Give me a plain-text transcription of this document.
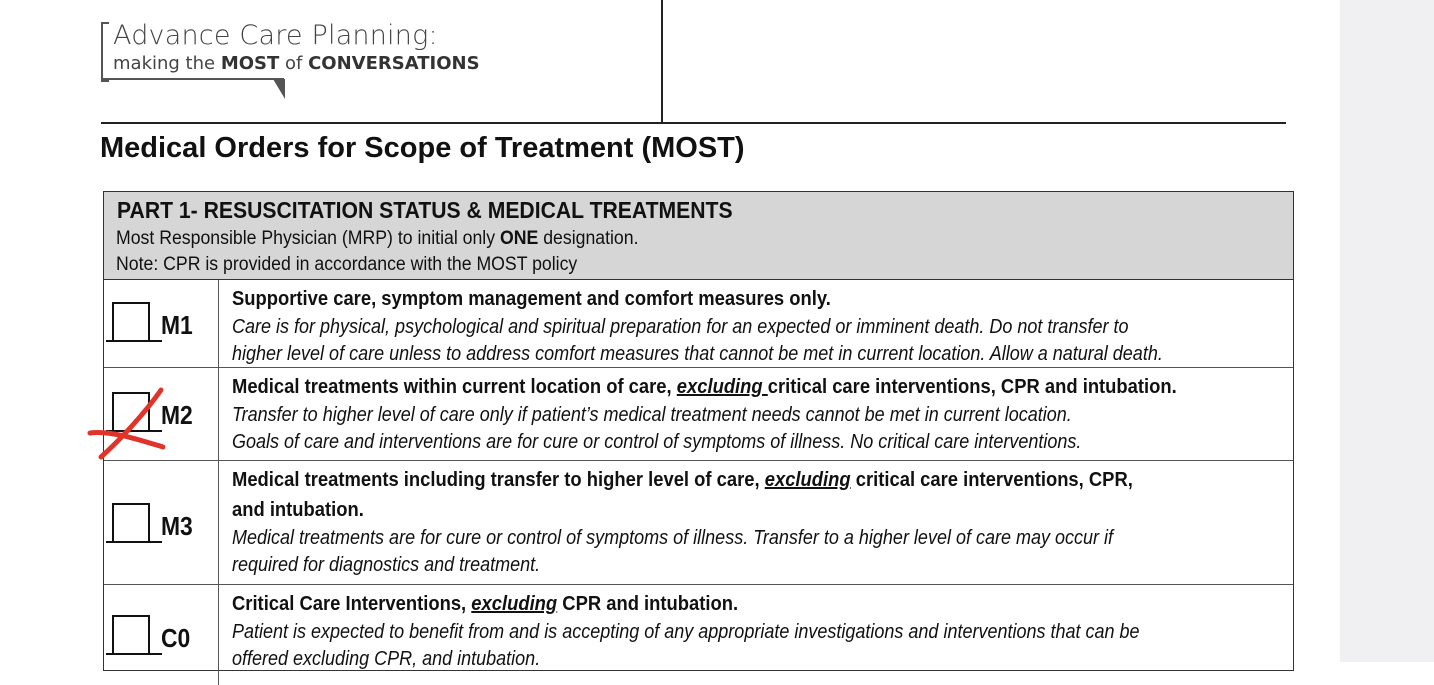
Advance Care Planning:
making the MOST of CONVERSATIONS
Medical Orders for Scope of Treatment (MOST)
PART 1- RESUSCITATION STATUS & MEDICAL TREATMENTS
Most Responsible Physician (MRP) to initial only ONE designation.
Note: CPR is provided in accordance with the MOST policy
M1
Supportive care, symptom management and comfort measures only.
Care is for physical, psychological and spiritual preparation for an expected or imminent death. Do not transfer to
higher level of care unless to address comfort measures that cannot be met in current location. Allow a natural death.
M2
Medical treatments within current location of care, excluding critical care interventions, CPR and intubation.
Transfer to higher level of care only if patient’s medical treatment needs cannot be met in current location.
Goals of care and interventions are for cure or control of symptoms of illness. No critical care interventions.
M3
Medical treatments including transfer to higher level of care, excluding critical care interventions, CPR,
and intubation.
Medical treatments are for cure or control of symptoms of illness. Transfer to a higher level of care may occur if
required for diagnostics and treatment.
C0
Critical Care Interventions, excluding CPR and intubation.
Patient is expected to benefit from and is accepting of any appropriate investigations and interventions that can be
offered excluding CPR, and intubation.
